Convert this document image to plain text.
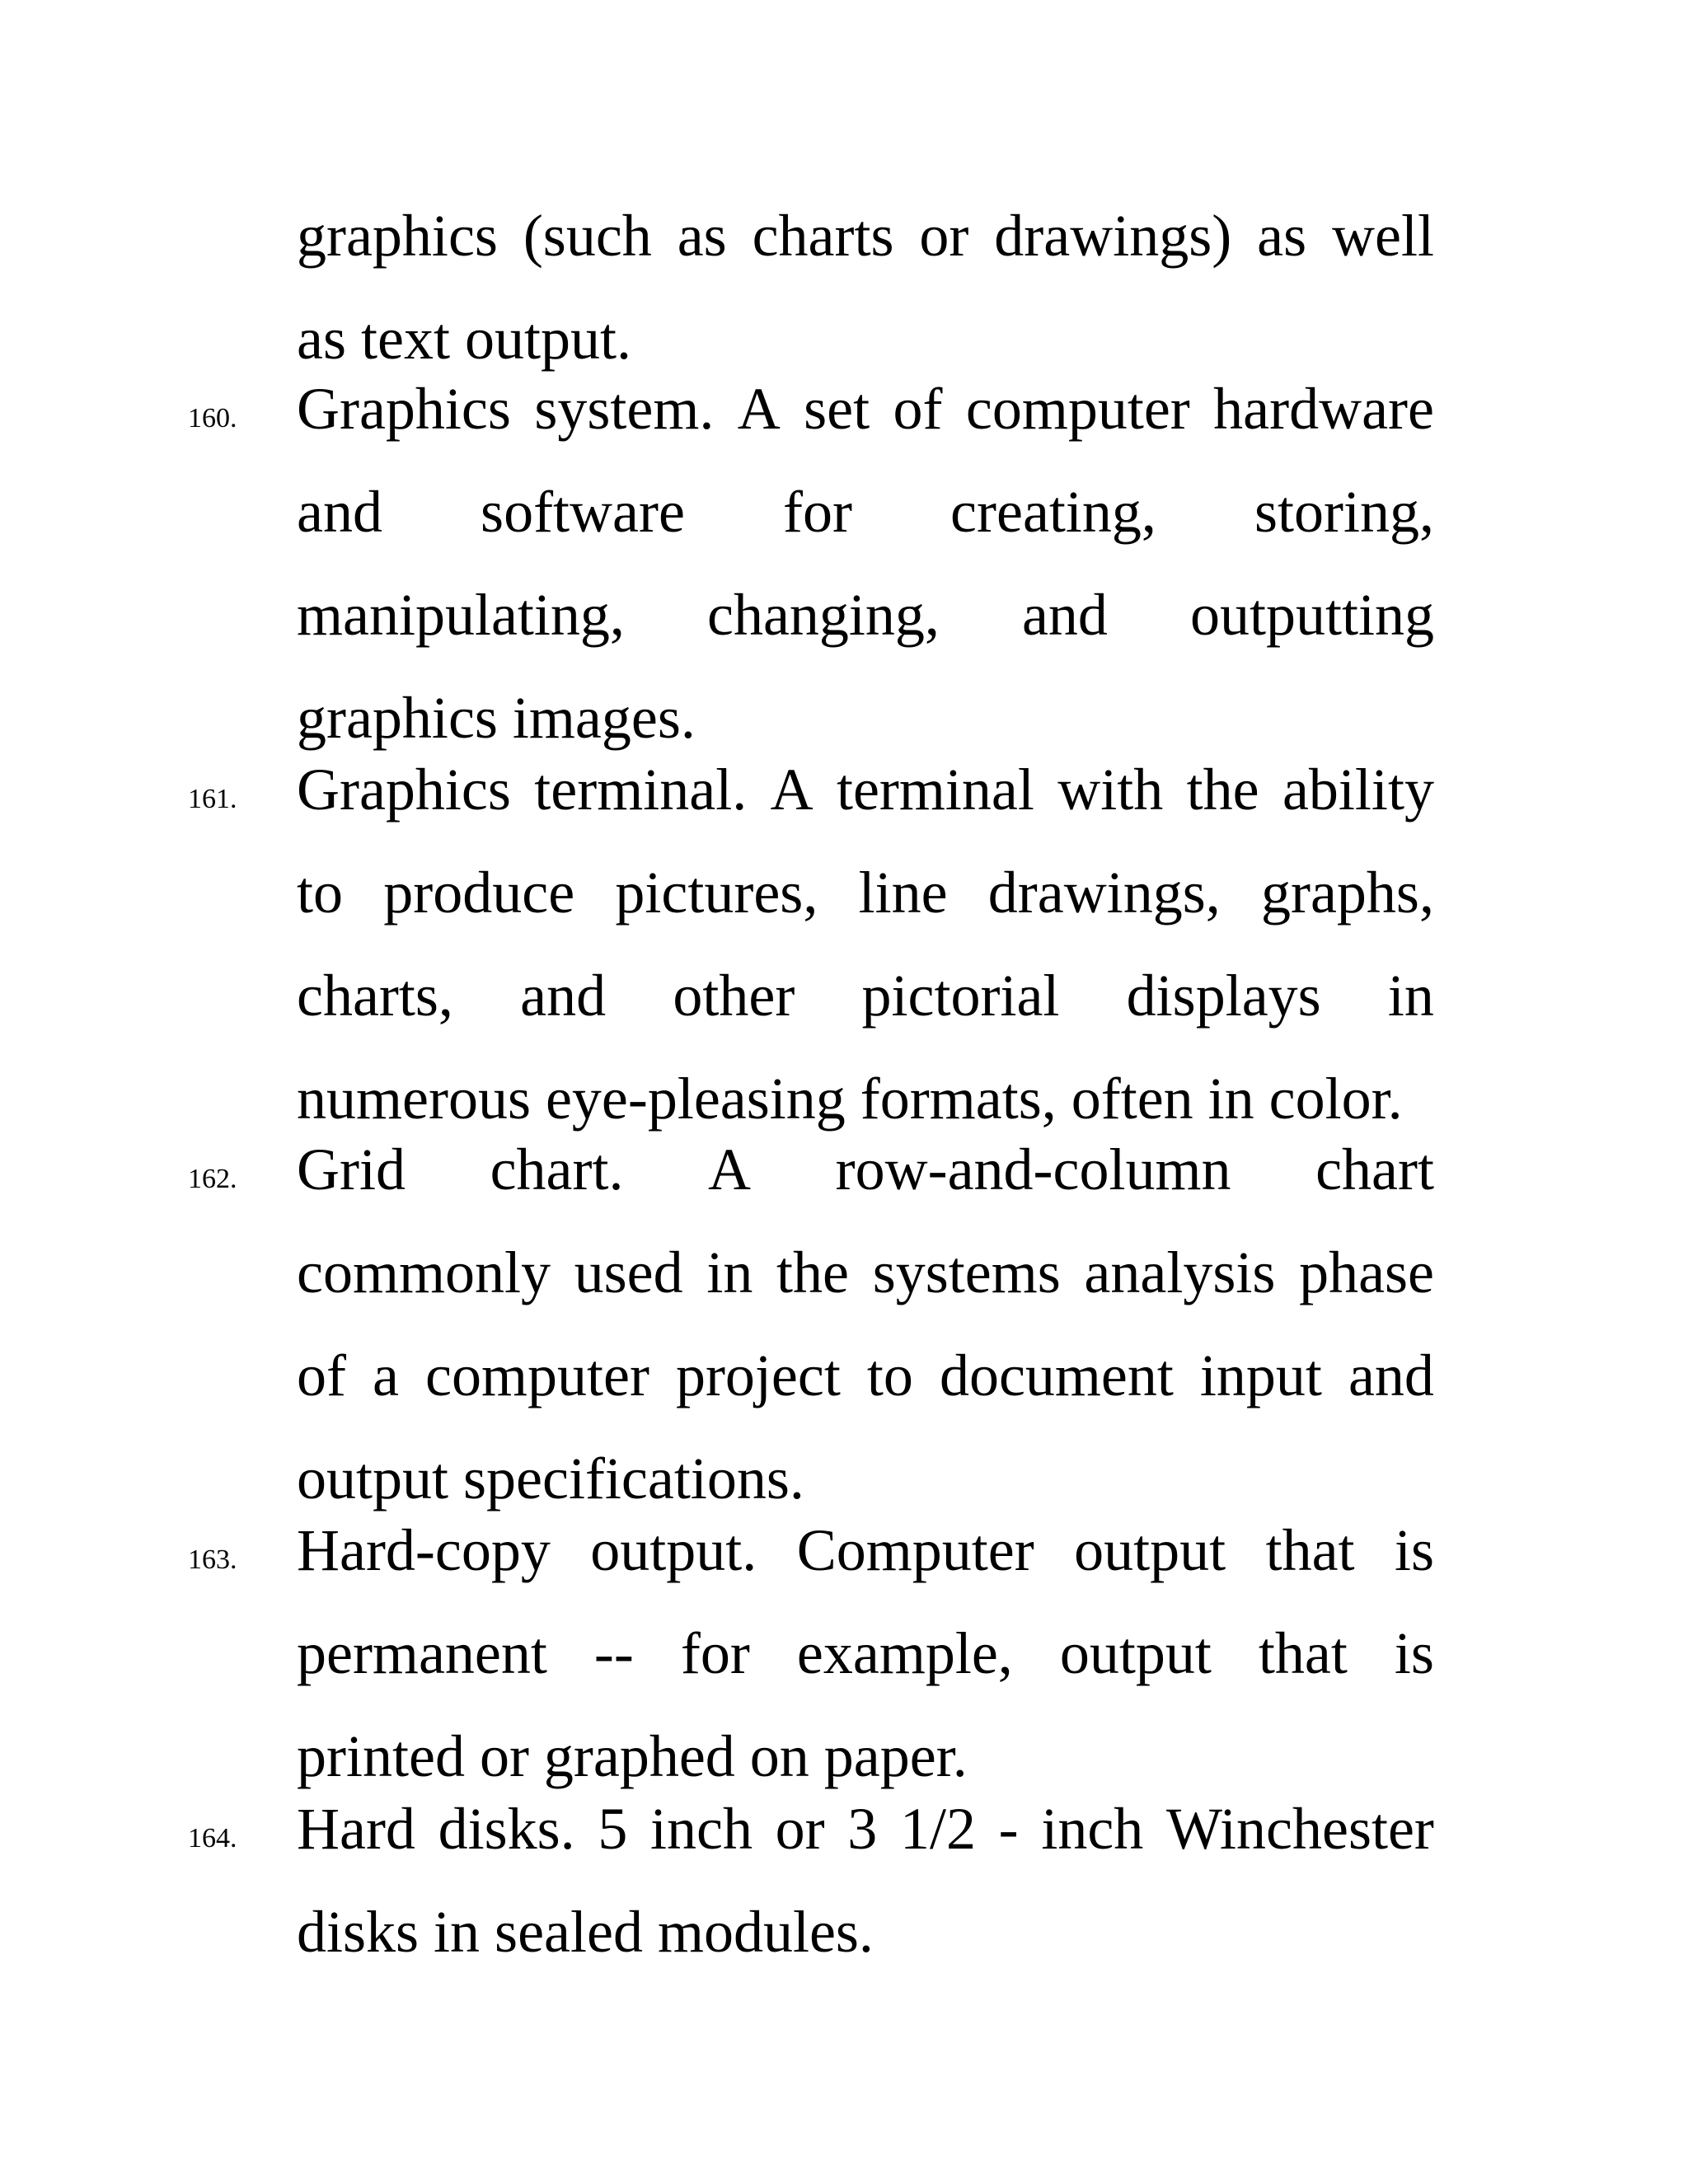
graphics (such as charts or drawings) as well
as text output.
160. Graphics system. A set of computer hardware
and software for creating, storing,
manipulating, changing, and outputting
graphics images.
161. Graphics terminal. A terminal with the ability
to produce pictures, line drawings, graphs,
charts, and other pictorial displays in
numerous eye-pleasing formats, often in color.
162. Grid chart. A row-and-column chart
commonly used in the systems analysis phase
of a computer project to document input and
output specifications.
163. Hard-copy output. Computer output that is
permanent -- for example, output that is
printed or graphed on paper.
164. Hard disks. 5 inch or 3 1/2 - inch Winchester
disks in sealed modules.
